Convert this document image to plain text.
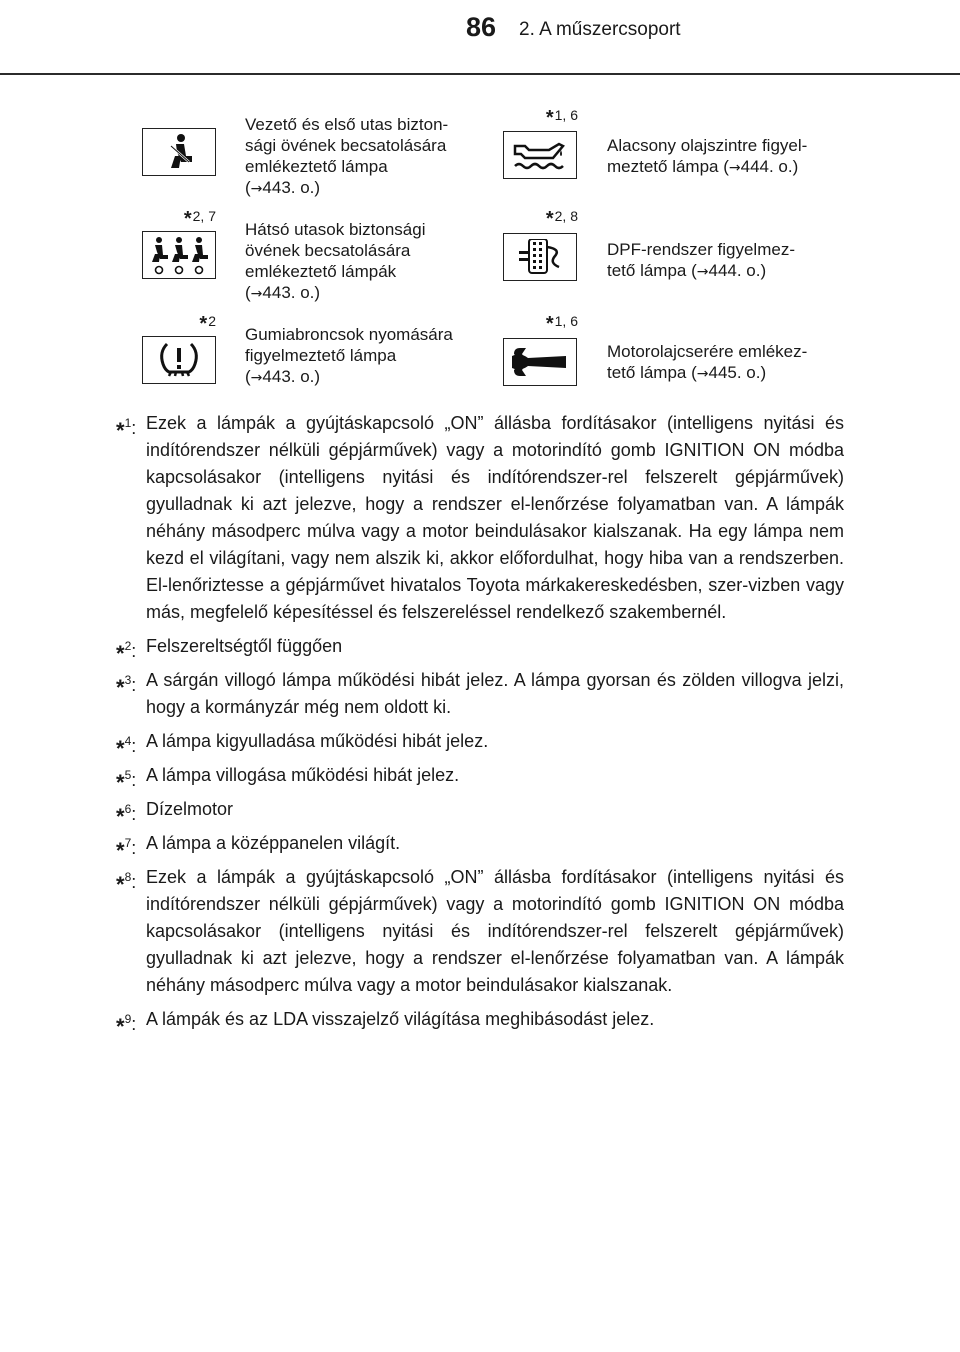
86 2. A műszercsoport
Vezető és első utas bizton-
sági övének becsatolására
emlékeztető lámpa
(→443. o.)
*1, 6
Alacsony olajszintre figyel-
meztető lámpa (→444. o.)
*2, 7
Hátsó utasok biztonsági
övének becsatolására
emlékeztető lámpák
(→443. o.)
*2, 8
DPF-rendszer figyelmez-
tető lámpa (→444. o.)
*2
Gumiabroncsok nyomására
figyelmeztető lámpa
(→443. o.)
*1, 6
Motorolajcserére emlékez-
tető lámpa (→445. o.)
*$^1$: Ezek a lámpák a gyújtáskapcsoló „ON” állásba fordításakor (intelligens nyitási és indítórendszer nélküli gépjárművek) vagy a motorindító gomb IGNITION ON módba kapcsolásakor (intelligens nyitási és indítórendszer-rel felszerelt gépjárművek) gyulladnak ki azt jelezve, hogy a rendszer el-lenőrzése folyamatban van. A lámpák néhány másodperc múlva vagy a motor beindulásakor kialszanak. Ha egy lámpa nem kezd el világítani, vagy nem alszik ki, akkor előfordulhat, hogy hiba van a rendszerben. El-lenőriztesse a gépjárművet hivatalos Toyota márkakereskedésben, szer-vizben vagy más, megfelelő képesítéssel és felszereléssel rendelkező szakembernél.
*$^2$: Felszereltségtől függően
*$^3$: A sárgán villogó lámpa működési hibát jelez. A lámpa gyorsan és zölden villogva jelzi, hogy a kormányzár még nem oldott ki.
*$^4$: A lámpa kigyulladása működési hibát jelez.
*$^5$: A lámpa villogása működési hibát jelez.
*$^6$: Dízelmotor
*$^7$: A lámpa a középpanelen világít.
*$^8$: Ezek a lámpák a gyújtáskapcsoló „ON” állásba fordításakor (intelligens nyitási és indítórendszer nélküli gépjárművek) vagy a motorindító gomb IGNITION ON módba kapcsolásakor (intelligens nyitási és indítórendszer-rel felszerelt gépjárművek) gyulladnak ki azt jelezve, hogy a rendszer el-lenőrzése folyamatban van. A lámpák néhány másodperc múlva vagy a motor beindulásakor kialszanak.
*$^9$: A lámpák és az LDA visszajelző világítása meghibásodást jelez.
